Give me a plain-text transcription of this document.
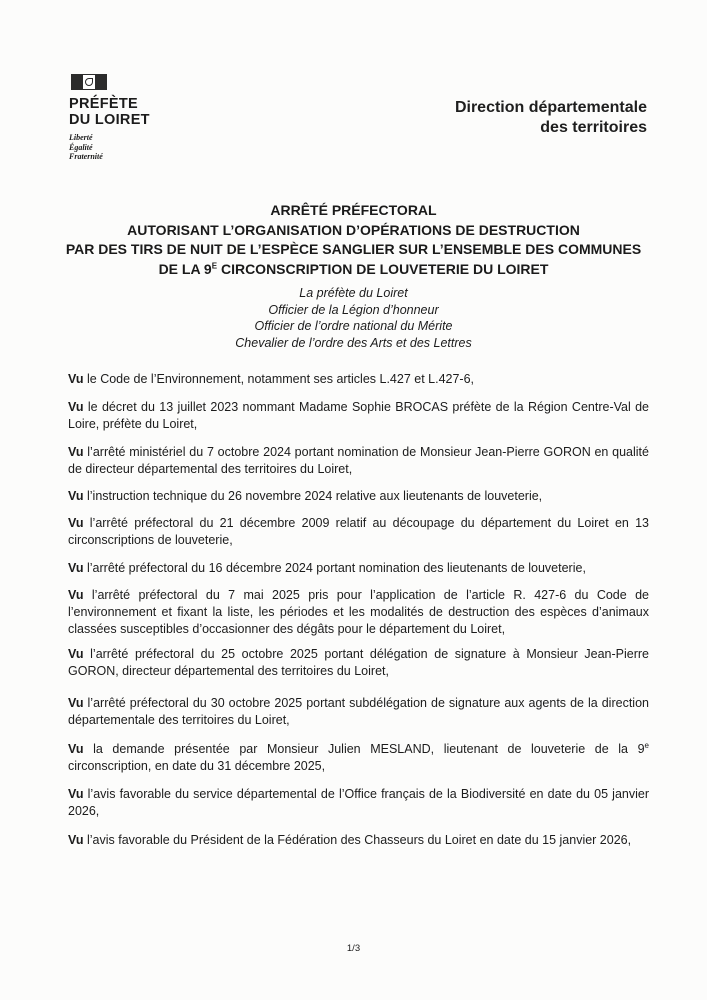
PRÉFÈTE
DU LOIRET
Liberté
Égalité
Fraternité
Direction départementale
des territoires
ARRÊTÉ PRÉFECTORAL
AUTORISANT L’ORGANISATION D’OPÉRATIONS DE DESTRUCTION
PAR DES TIRS DE NUIT DE L’ESPÈCE SANGLIER SUR L’ENSEMBLE DES COMMUNES
DE LA $9^E$ CIRCONSCRIPTION DE LOUVETERIE DU LOIRET
La préfète du Loiret
Officier de la Légion d’honneur
Officier de l’ordre national du Mérite
Chevalier de l’ordre des Arts et des Lettres
Vu le Code de l’Environnement, notamment ses articles L.427 et L.427-6,
Vu le décret du 13 juillet 2023 nommant Madame Sophie BROCAS préfète de la Région Centre-Val de Loire, préfète du Loiret,
Vu l’arrêté ministériel du 7 octobre 2024 portant nomination de Monsieur Jean-Pierre GORON en qualité de directeur départemental des territoires du Loiret,
Vu l’instruction technique du 26 novembre 2024 relative aux lieutenants de louveterie,
Vu l’arrêté préfectoral du 21 décembre 2009 relatif au découpage du département du Loiret en 13 circonscriptions de louveterie,
Vu l’arrêté préfectoral du 16 décembre 2024 portant nomination des lieutenants de louveterie,
Vu l’arrêté préfectoral du 7 mai 2025 pris pour l’application de l’article R. 427-6 du Code de l’environnement et fixant la liste, les périodes et les modalités de destruction des espèces d’animaux classées susceptibles d’occasionner des dégâts pour le département du Loiret,
Vu l’arrêté préfectoral du 25 octobre 2025 portant délégation de signature à Monsieur Jean-Pierre GORON, directeur départemental des territoires du Loiret,
Vu l’arrêté préfectoral du 30 octobre 2025 portant subdélégation de signature aux agents de la direction départementale des territoires du Loiret,
Vu la demande présentée par Monsieur Julien MESLAND, lieutenant de louveterie de la 9e circonscription, en date du 31 décembre 2025,
Vu l’avis favorable du service départemental de l’Office français de la Biodiversité en date du 05 janvier 2026,
Vu l’avis favorable du Président de la Fédération des Chasseurs du Loiret en date du 15 janvier 2026,
1/3
